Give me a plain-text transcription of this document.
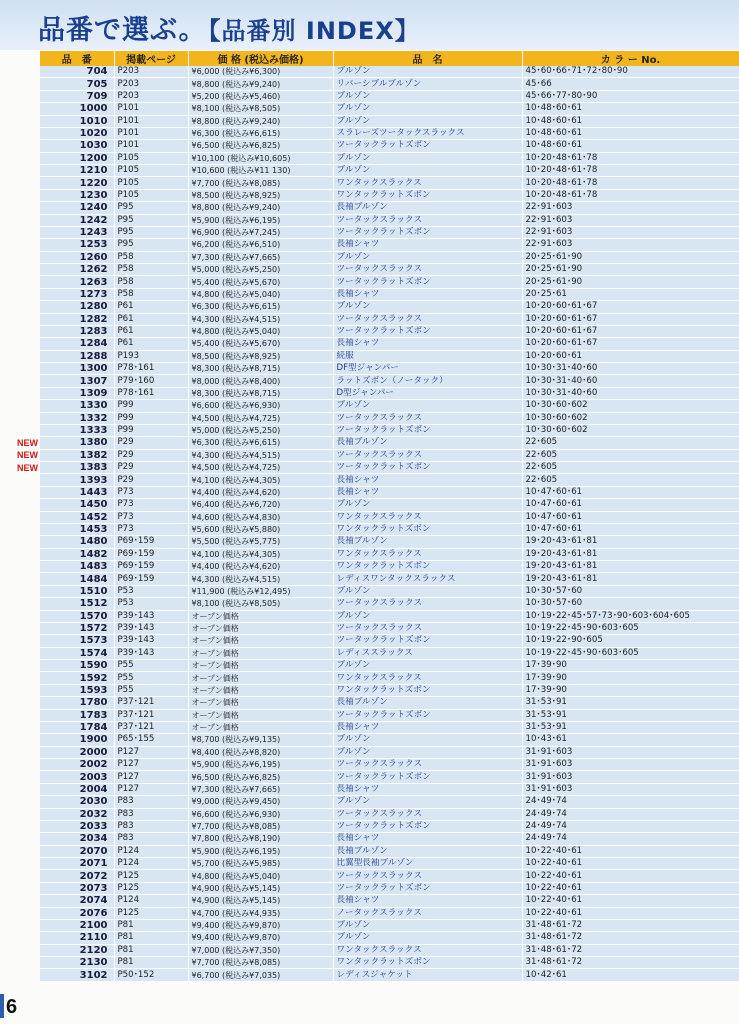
品番で選ぶ。【品番別 INDEX】
品　番	掲載ページ	価 格 (税込み価格)	品　名	カ ラ ー No.
704	P203	¥6,000 (税込み¥6,300)	ブルゾン	45･60･66･71･72･80･90
705	P203	¥8,800 (税込み¥9,240)	リバーシブルブルゾン	45･66
709	P203	¥5,200 (税込み¥5,460)	ブルゾン	45･66･77･80･90
1000	P101	¥8,100 (税込み¥8,505)	ブルゾン	10･48･60･61
1010	P101	¥8,800 (税込み¥9,240)	ブルゾン	10･48･60･61
1020	P101	¥6,300 (税込み¥6,615)	スラレーズツータックスラックス	10･48･60･61
1030	P101	¥6,500 (税込み¥6,825)	ツータックラットズボン	10･48･60･61
1200	P105	¥10,100 (税込み¥10,605)	ブルゾン	10･20･48･61･78
1210	P105	¥10,600 (税込み¥11 130)	ブルゾン	10･20･48･61･78
1220	P105	¥7,700 (税込み¥8,085)	ワンタックスラックス	10･20･48･61･78
1230	P105	¥8,500 (税込み¥8,925)	ワンタックラットズボン	10･20･48･61･78
1240	P95	¥8,800 (税込み¥9,240)	長袖ブルゾン	22･91･603
1242	P95	¥5,900 (税込み¥6,195)	ツータックスラックス	22･91･603
1243	P95	¥6,900 (税込み¥7,245)	ツータックラットズボン	22･91･603
1253	P95	¥6,200 (税込み¥6,510)	長袖シャツ	22･91･603
1260	P58	¥7,300 (税込み¥7,665)	ブルゾン	20･25･61･90
1262	P58	¥5,000 (税込み¥5,250)	ツータックスラックス	20･25･61･90
1263	P58	¥5,400 (税込み¥5,670)	ツータックラットズボン	20･25･61･90
1273	P58	¥4,800 (税込み¥5,040)	長袖シャツ	20･25･61
1280	P61	¥6,300 (税込み¥6,615)	ブルゾン	10･20･60･61･67
1282	P61	¥4,300 (税込み¥4,515)	ツータックスラックス	10･20･60･61･67
1283	P61	¥4,800 (税込み¥5,040)	ツータックラットズボン	10･20･60･61･67
1284	P61	¥5,400 (税込み¥5,670)	長袖シャツ	10･20･60･61･67
1288	P193	¥8,500 (税込み¥8,925)	続服	10･20･60･61
1300	P78･161	¥8,300 (税込み¥8,715)	DF型ジャンパー	10･30･31･40･60
1307	P79･160	¥8,000 (税込み¥8,400)	ラットズボン（ノータック）	10･30･31･40･60
1309	P78･161	¥8,300 (税込み¥8,715)	D型ジャンパー	10･30･31･40･60
1330	P99	¥6,600 (税込み¥6,930)	ブルゾン	10･30･60･602
1332	P99	¥4,500 (税込み¥4,725)	ツータックスラックス	10･30･60･602
1333	P99	¥5,000 (税込み¥5,250)	ツータックラットズボン	10･30･60･602
1380	P29	¥6,300 (税込み¥6,615)	長袖ブルゾン	22･605
1382	P29	¥4,300 (税込み¥4,515)	ツータックスラックス	22･605
1383	P29	¥4,500 (税込み¥4,725)	ツータックラットズボン	22･605
1393	P29	¥4,100 (税込み¥4,305)	長袖シャツ	22･605
1443	P73	¥4,400 (税込み¥4,620)	長袖シャツ	10･47･60･61
1450	P73	¥6,400 (税込み¥6,720)	ブルゾン	10･47･60･61
1452	P73	¥4,600 (税込み¥4,830)	ワンタックスラックス	10･47･60･61
1453	P73	¥5,600 (税込み¥5,880)	ワンタックラットズボン	10･47･60･61
1480	P69･159	¥5,500 (税込み¥5,775)	長袖ブルゾン	19･20･43･61･81
1482	P69･159	¥4,100 (税込み¥4,305)	ワンタックスラックス	19･20･43･61･81
1483	P69･159	¥4,400 (税込み¥4,620)	ワンタックラットズボン	19･20･43･61･81
1484	P69･159	¥4,300 (税込み¥4,515)	レディスワンタックスラックス	19･20･43･61･81
1510	P53	¥11,900 (税込み¥12,495)	ブルゾン	10･30･57･60
1512	P53	¥8,100 (税込み¥8,505)	ツータックスラックス	10･30･57･60
1570	P39･143	オープン価格	ブルゾン	10･19･22･45･57･73･90･603･604･605
1572	P39･143	オープン価格	ツータックスラックス	10･19･22･45･90･603･605
1573	P39･143	オープン価格	ツータックラットズボン	10･19･22･90･605
1574	P39･143	オープン価格	レディススラックス	10･19･22･45･90･603･605
1590	P55	オープン価格	ブルゾン	17･39･90
1592	P55	オープン価格	ワンタックスラックス	17･39･90
1593	P55	オープン価格	ワンタックラットズボン	17･39･90
1780	P37･121	オープン価格	長袖ブルゾン	31･53･91
1783	P37･121	オープン価格	ツータックラットズボン	31･53･91
1784	P37･121	オープン価格	長袖シャツ	31･53･91
1900	P65･155	¥8,700 (税込み¥9,135)	ブルゾン	10･43･61
2000	P127	¥8,400 (税込み¥8,820)	ブルゾン	31･91･603
2002	P127	¥5,900 (税込み¥6,195)	ツータックスラックス	31･91･603
2003	P127	¥6,500 (税込み¥6,825)	ツータックラットズボン	31･91･603
2004	P127	¥7,300 (税込み¥7,665)	長袖シャツ	31･91･603
2030	P83	¥9,000 (税込み¥9,450)	ブルゾン	24･49･74
2032	P83	¥6,600 (税込み¥6,930)	ツータックスラックス	24･49･74
2033	P83	¥7,700 (税込み¥8,085)	ツータックラットズボン	24･49･74
2034	P83	¥7,800 (税込み¥8,190)	長袖シャツ	24･49･74
2070	P124	¥5,900 (税込み¥6,195)	長袖ブルゾン	10･22･40･61
2071	P124	¥5,700 (税込み¥5,985)	比翼型長袖ブルゾン	10･22･40･61
2072	P125	¥4,800 (税込み¥5,040)	ツータックスラックス	10･22･40･61
2073	P125	¥4,900 (税込み¥5,145)	ツータックラットズボン	10･22･40･61
2074	P124	¥4,900 (税込み¥5,145)	長袖シャツ	10･22･40･61
2076	P125	¥4,700 (税込み¥4,935)	ノータックスラックス	10･22･40･61
2100	P81	¥9,400 (税込み¥9,870)	ブルゾン	31･48･61･72
2110	P81	¥9,400 (税込み¥9,870)	ブルゾン	31･48･61･72
2120	P81	¥7,000 (税込み¥7,350)	ワンタックスラックス	31･48･61･72
2130	P81	¥7,700 (税込み¥8,085)	ワンタックラットズボン	31･48･61･72
3102	P50･152	¥6,700 (税込み¥7,035)	レディスジャケット	10･42･61
NEW
NEW
NEW
6
